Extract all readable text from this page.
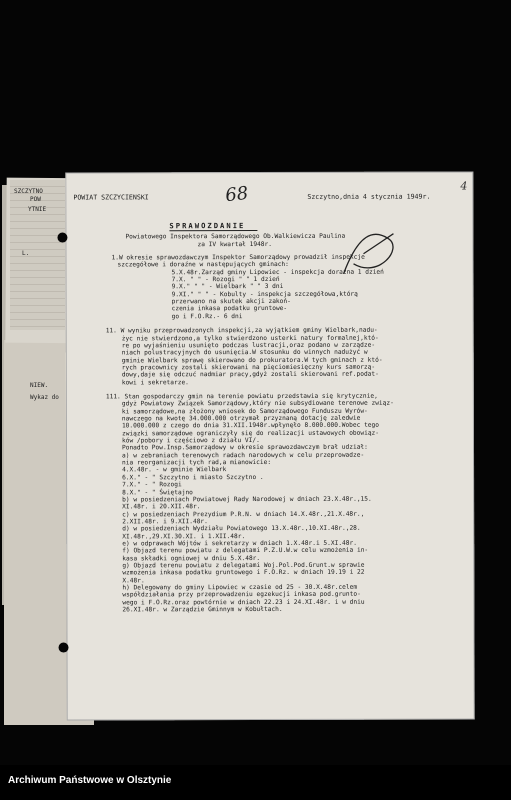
SZCZYTNO
POW
YTNIE
L.
NIEW.
Wykaz do
4
68
POWIAT SZCZYCIENSKI	Szczytno,dnia 4 stycznia 1949r.
SPRAWOZDANIE
Powiatowego Inspektora Samorządowego Ob.Walkiewicza Paulina
za IV kwartał 1948r.
1.W okresie sprawozdawczym Inspektor Samorządowy prowadził inspekcje
szczegółowe i doraźne w następujących gminach:
5.X.48r.Zarząd gminy Lipowiec - inspekcja doraźna 1 dzień
7.X. " " - Rozogi " " 1 dzień
9.X." " " - Wielbark " " 3 dni
9.XI." " " - Kobulty - inspekcja szczegółowa,którą
przerwano na skutek akcji zakoń-
czenia inkasa podatku gruntowe-
go i F.O.Rz.- 6 dni
11. W wyniku przeprowadzonych inspekcji,za wyjątkiem gminy Wielbark,nadu-
życ nie stwierdzono,a tylko stwierdzono usterki natury formalnej,któ-
re po wyjaśnieniu usunięto podczas lustracji,oraz podano w zarządze-
niach polustracyjnych do usunięcia.W stosunku do winnych nadużyć w
gminie Wielbark sprawę skierowano do prokuratora.W tych gminach z któ-
rych pracownicy zostali skierowani na pięciomiesięczny kurs samorzą-
dowy,daje się odczuć nadmiar pracy,gdyż zostali skierowani ref.podat-
kowi i sekretarze.
111. Stan gospodarczy gmin na terenie powiatu przedstawia się krytycznie,
gdyż Powiatowy Związek Samorządowy,który nie subsydiowane terenowe związ-
ki samorządowe,na złożony wniosek do Samorządowego Funduszu Wyrów-
nawczego na kwotę 34.000.000 otrzymał przyznaną dotację zaledwie
10.000.000 z czego do dnia 31.XII.1948r.wpłynęło 8.000.000.Wobec tego
związki samorządowe ograniczyły się do realizacji ustawowych obowiąz-
ków /pobory i częściowo z działu VI/.
Ponadto Pow.Insp.Samorządowy w okresie sprawozdawczym brał udział:
a) w zebraniach terenowych radach narodowych w celu przeprowadze-
nia reorganizacji tych rad,a mianowicie:
4.X.48r. - w gminie Wielbark
6.X." - " Szczytno i miasto Szczytno .
7.X." - " Rozogi
8.X." - " Świętajno
b) w posiedzeniach Powiatowej Rady Narodowej w dniach 23.X.48r.,15.
XI.48r. i 20.XII.48r.
c) w posiedzeniach Prezydium P.R.N. w dniach 14.X.48r.,21.X.48r.,
2.XII.48r. i 9.XII.48r.
d) w posiedzeniach Wydziału Powiatowego 13.X.48r.,10.XI.48r.,28.
XI.48r.,29.XI.30.XI. i 1.XII.48r.
e) w odprawach Wójtów i sekretarzy w dniach 1.X.48r.i 5.XI.48r.
f) Objazd terenu powiatu z delegatami P.Z.U.W.w celu wzmożenia in-
kasa składki ogniowej w dniu 5.X.48r.
g) Objazd terenu powiatu z delegatami Woj.Pol.Pod.Grunt.w sprawie
wzmożenia inkasa podatku gruntowego i F.O.Rz. w dniach 19.19 i 22
X.48r.
h) Delegowany do gminy Lipowiec w czasie od 25 - 30.X.48r.celem
współdziałania przy przeprowadzeniu egzekucji inkasa pod.grunto-
wego i F.O.Rz.oraz powtórnie w dniach 22.23 i 24.XI.48r. i w dniu
26.XI.48r. w Zarządzie Gminnym w Kobułtach.
Archiwum Państwowe w Olsztynie
